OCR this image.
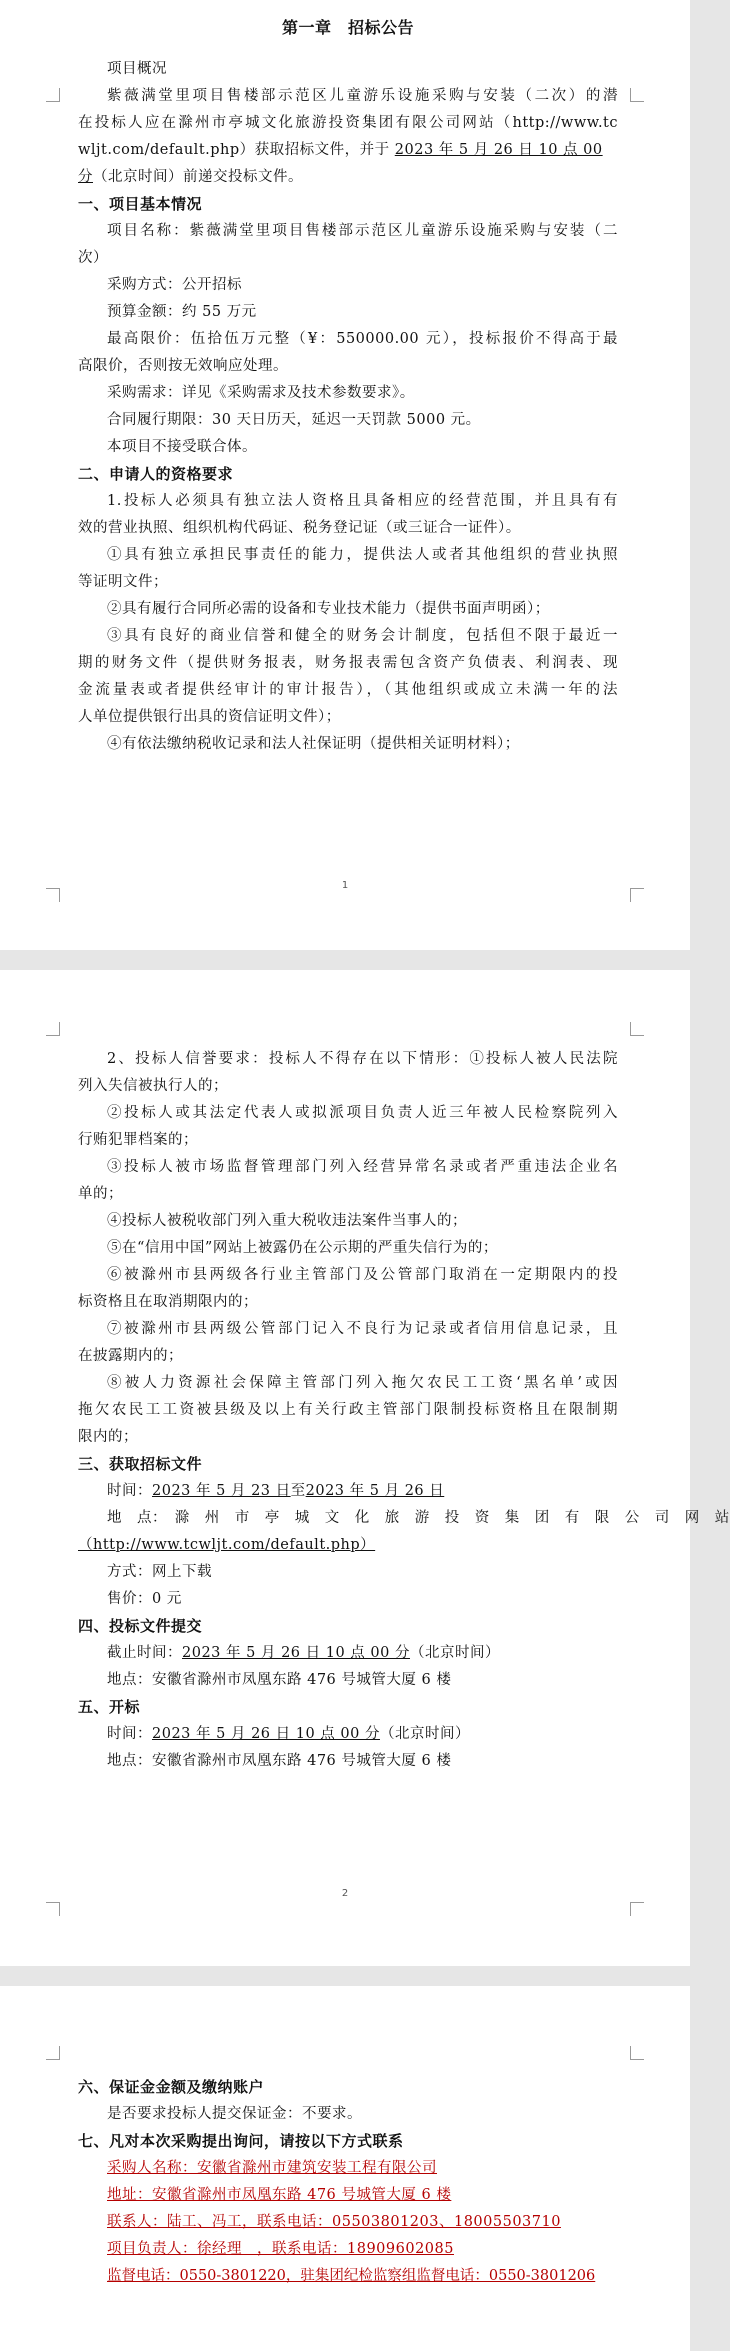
第一章　招标公告
项目概况
紫薇满堂里项目售楼部示范区儿童游乐设施采购与安装（二次）的潜
在投标人应在滁州市亭城文化旅游投资集团有限公司网站（http://www.tc
wljt.com/default.php）获取招标文件，并于 2023 年 5 月 26 日 10 点 00
分（北京时间）前递交投标文件。
一、项目基本情况
项目名称：紫薇满堂里项目售楼部示范区儿童游乐设施采购与安装（二
次）
采购方式：公开招标
预算金额：约 55 万元
最高限价：伍拾伍万元整（¥：550000.00 元），投标报价不得高于最
高限价，否则按无效响应处理。
采购需求：详见《采购需求及技术参数要求》。
合同履行期限：30 天日历天，延迟一天罚款 5000 元。
本项目不接受联合体。
二、申请人的资格要求
1.投标人必须具有独立法人资格且具备相应的经营范围，并且具有有
效的营业执照、组织机构代码证、税务登记证（或三证合一证件）。
①具有独立承担民事责任的能力，提供法人或者其他组织的营业执照
等证明文件；
②具有履行合同所必需的设备和专业技术能力（提供书面声明函）；
③具有良好的商业信誉和健全的财务会计制度，包括但不限于最近一
期的财务文件（提供财务报表，财务报表需包含资产负债表、利润表、现
金流量表或者提供经审计的审计报告），（其他组织或成立未满一年的法
人单位提供银行出具的资信证明文件）；
④有依法缴纳税收记录和法人社保证明（提供相关证明材料）；
1
2、投标人信誉要求：投标人不得存在以下情形：①投标人被人民法院
列入失信被执行人的；
②投标人或其法定代表人或拟派项目负责人近三年被人民检察院列入
行贿犯罪档案的；
③投标人被市场监督管理部门列入经营异常名录或者严重违法企业名
单的；
④投标人被税收部门列入重大税收违法案件当事人的；
⑤在“信用中国”网站上被露仍在公示期的严重失信行为的；
⑥被滁州市县两级各行业主管部门及公管部门取消在一定期限内的投
标资格且在取消期限内的；
⑦被滁州市县两级公管部门记入不良行为记录或者信用信息记录，且
在披露期内的；
⑧被人力资源社会保障主管部门列入拖欠农民工工资‘黑名单’或因
拖欠农民工工资被县级及以上有关行政主管部门限制投标资格且在限制期
限内的；
三、获取招标文件
时间：2023 年 5 月 23 日至2023 年 5 月 26 日
地　点：　滁　州　市　亭　城　文　化　旅　游　投　资　集　团　有　限　公　司　网　站
（http://www.tcwljt.com/default.php）
方式：网上下载
售价：0 元
四、投标文件提交
截止时间：2023 年 5 月 26 日 10 点 00 分（北京时间）
地点：安徽省滁州市凤凰东路 476 号城管大厦 6 楼
五、开标
时间：2023 年 5 月 26 日 10 点 00 分（北京时间）
地点：安徽省滁州市凤凰东路 476 号城管大厦 6 楼
2
六、保证金金额及缴纳账户
是否要求投标人提交保证金：不要求。
七、凡对本次采购提出询问，请按以下方式联系
采购人名称：安徽省滁州市建筑安装工程有限公司
地址：安徽省滁州市凤凰东路 476 号城管大厦 6 楼
联系人：陆工、冯工，联系电话：05503801203、18005503710
项目负责人：徐经理　，联系电话：18909602085
监督电话：0550-3801220，驻集团纪检监察组监督电话：0550-3801206
